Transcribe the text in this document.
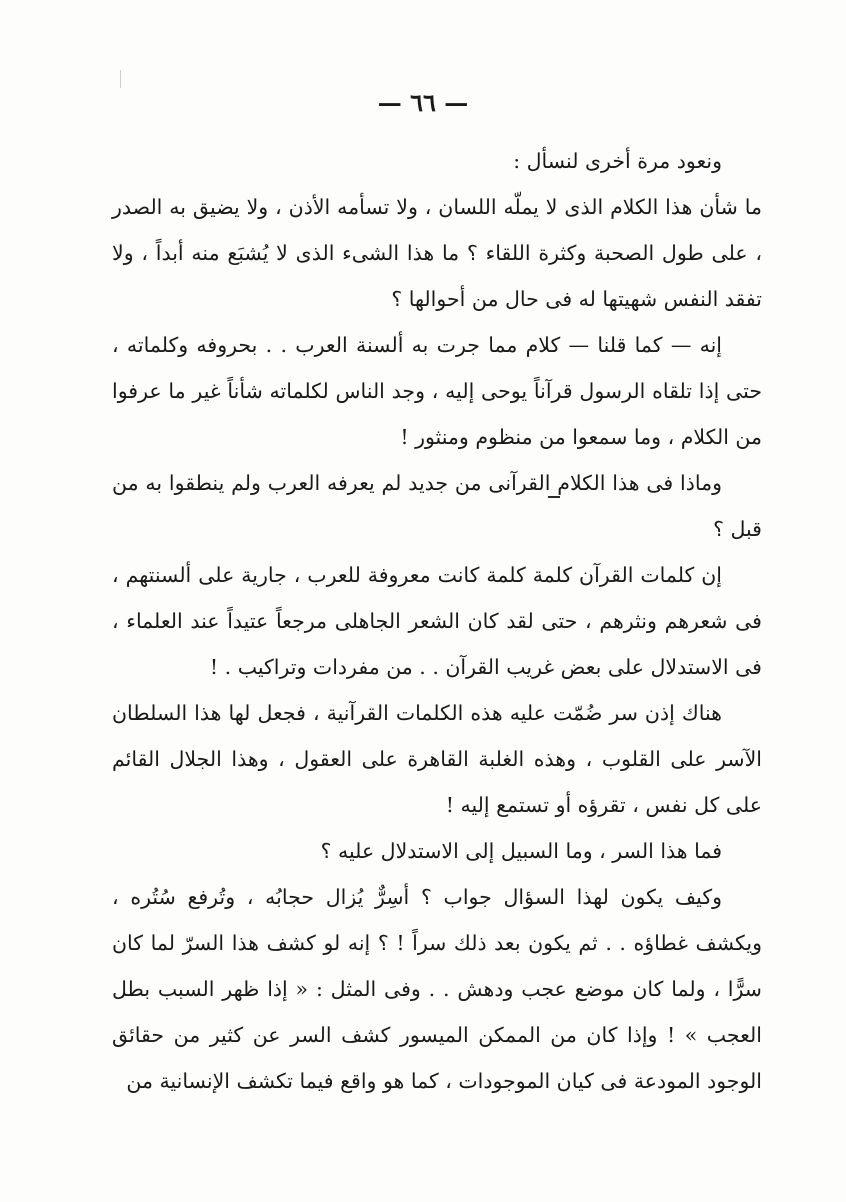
— ٦٦ —

ونعود مرة أخرى لنسأل :

ما شأن هذا الكلام الذى لا يملّه اللسان ، ولا تسأمه الأذن ، ولا يضيق به الصدر ، على طول الصحبة وكثرة اللقاء ؟ ما هذا الشىء الذى لا يُشبَع منه أبداً ، ولا تفقد النفس شهيتها له فى حال من أحوالها ؟

إنه — كما قلنا — كلام مما جرت به ألسنة العرب . . بحروفه وكلماته ، حتى إذا تلقاه الرسول قرآناً يوحى إليه ، وجد الناس لكلماته شأناً غير ما عرفوا من الكلام ، وما سمعوا من منظوم ومنثور !

وماذا فى هذا الكلام القرآنى من جديد لم يعرفه العرب ولم ينطقوا به من قبل ؟

إن كلمات القرآن كلمة كلمة كانت معروفة للعرب ، جارية على ألسنتهم ، فى شعرهم ونثرهم ، حتى لقد كان الشعر الجاهلى مرجعاً عتيداً عند العلماء ، فى الاستدلال على بعض غريب القرآن . . من مفردات وتراكيب . !

هناك إذن سر ضُمّت عليه هذه الكلمات القرآنية ، فجعل لها هذا السلطان الآسر على القلوب ، وهذه الغلبة القاهرة على العقول ، وهذا الجلال القائم على كل نفس ، تقرؤه أو تستمع إليه !

فما هذا السر ، وما السبيل إلى الاستدلال عليه ؟

وكيف يكون لهذا السؤال جواب ؟ أسِرٌّ يُزال حجابُه ، وتُرفع سُتُره ، ويكشف غطاؤه . . ثم يكون بعد ذلك سراً ! ؟ إنه لو كشف هذا السرّ لما كان سرًّا ، ولما كان موضع عجب ودهش . . وفى المثل : « إذا ظهر السبب بطل العجب » ! وإذا كان من الممكن الميسور كشف السر عن كثير من حقائق الوجود المودعة فى كيان الموجودات ، كما هو واقع فيما تكشف الإنسانية من
